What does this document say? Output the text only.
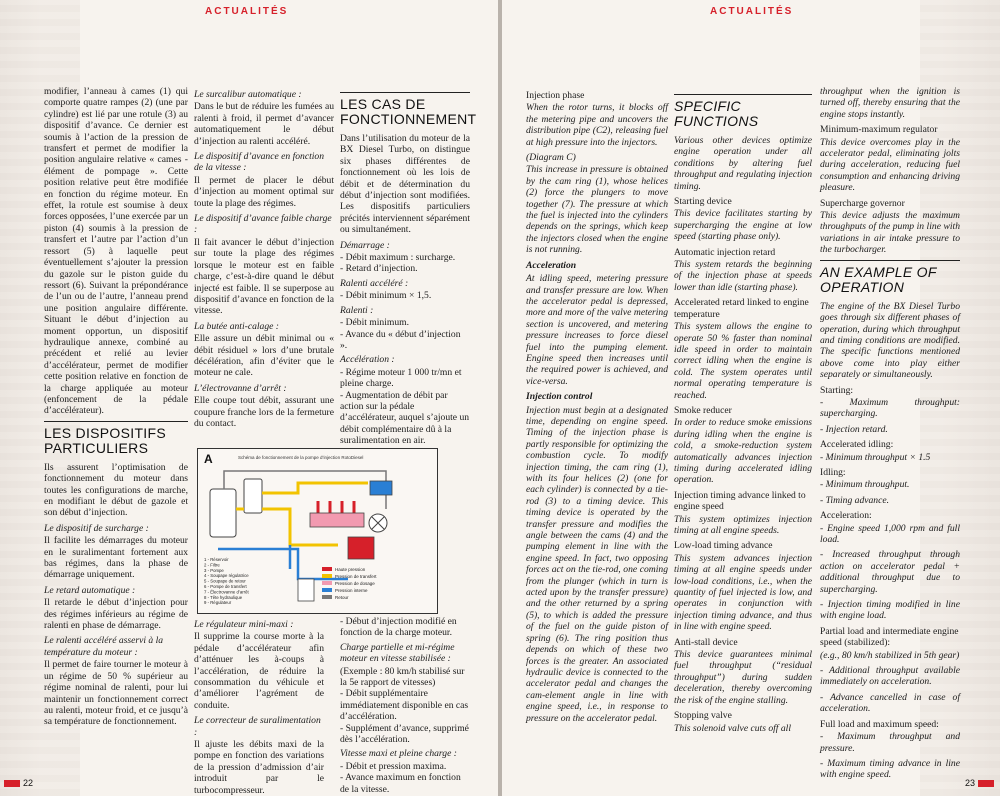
ACTUALITÉS

modifier, l’anneau à cames (1) qui comporte quatre rampes (2) (une par cylindre) est lié par une rotule (3) au dispositif d’avance. Ce dernier est soumis à l’action de la pression de transfert et permet de modifier la position angulaire relative « cames - élément de pompage ». Cette position relative peut être modifiée en fonction du régime moteur. En effet, la rotule est soumise à deux forces opposées, l’une exercée par un piston (4) soumis à la pression de transfert et l’autre par l’action d’un ressort (5) à laquelle peut éventuellement s’ajouter la pression du gazole sur le piston guide du ressort (6). Suivant la prépondérance de l’un ou de l’autre, l’anneau prend une position angulaire différente. Situant le début d’injection au moment opportun, un dispositif hydraulique annexe, combiné au précédent et relié au levier d’accélérateur, permet de modifier cette position relative en fonction de la charge appliquée au moteur (enfoncement de la pédale d’accélérateur).

LES DISPOSITIFS PARTICULIERS

Ils assurent l’optimisation de fonctionnement du moteur dans toutes les configurations de marche, en modifiant le début de gazole et son début d’injection.

Le dispositif de surcharge :

Il facilite les démarrages du moteur en le suralimentant fortement aux bas régimes, dans la phase de démarrage uniquement.

Le retard automatique :

Il retarde le début d’injection pour des régimes inférieurs au régime de ralenti en phase de démarrage.

Le ralenti accéléré asservi à la température du moteur :

Il permet de faire tourner le moteur à un régime de 50 % supérieur au régime nominal de ralenti, pour lui maintenir un fonctionnement correct au ralenti, moteur froid, et ce jusqu’à sa température de fonctionnement.

Le surcalibur automatique :

Dans le but de réduire les fumées au ralenti à froid, il permet d’avancer automatiquement le début d’injection au ralenti accéléré.

Le dispositif d’avance en fonction de la vitesse :

Il permet de placer le début d’injection au moment optimal sur toute la plage des régimes.

Le dispositif d’avance faible charge :

Il fait avancer le début d’injection sur toute la plage des régimes lorsque le moteur est en faible charge, c’est-à-dire quand le début injecté est faible. Il se superpose au dispositif d’avance en fonction de la vitesse.

La butée anti-calage :

Elle assure un débit minimal ou « débit résiduel » lors d’une brutale décélération, afin d’éviter que le moteur ne cale.

L’électrovanne d’arrêt :

Elle coupe tout débit, assurant une coupure franche lors de la fermeture du contact.

LES CAS DE FONCTIONNEMENT

Dans l’utilisation du moteur de la BX Diesel Turbo, on distingue six phases différentes de fonctionnement où les lois de débit et de détermination du début d’injection sont modifiées. Les dispositifs particuliers précités interviennent séparément ou simultanément.

Démarrage :
- Débit maximum : surcharge.
- Retard d’injection.
Ralenti accéléré :
- Débit minimum × 1,5.
Ralenti :
- Débit minimum.
- Avance du « début d’injection ».
Accélération :
- Régime moteur 1 000 tr/mn et pleine charge.
- Augmentation de débit par action sur la pédale d’accélérateur, auquel s’ajoute un débit complémentaire dû à la suralimentation en air.
Le régulateur mini-maxi :

Il supprime la course morte à la pédale d’accélérateur afin d’atténuer les à-coups à l’accélération, de réduire la consommation du véhicule et d’améliorer l’agrément de conduite.

Le correcteur de suralimentation :

Il ajuste les débits maxi de la pompe en fonction des variations de la pression d’admission d’air introduit par le turbocompresseur.

- Début d’injection modifié en fonction de la charge moteur.
Charge partielle et mi-régime moteur en vitesse stabilisée :
(Exemple : 80 km/h stabilisé sur la 5e rapport de vitesses)
- Débit supplémentaire immédiatement disponible en cas d’accélération.
- Supplément d’avance, supprimé dès l’accélération.
Vitesse maxi et pleine charge :
- Débit et pression maxima.
- Avance maximum en fonction de la vitesse.
A	Schéma de fonctionnement de la pompe d’injection RotoDiesel
1 - Réservoir
2 - Filtre
3 - Pompe
4 - Soupape régulatrice
5 - Soupape de retour
6 - Pompe de transfert
7 - Électrovanne d’arrêt
8 - Tête hydraulique
9 - Régulateur
Haute pression
Pression de transfert
Pression de dosage
Pression interne
Retour
22
ACTUALITÉS
Injection phase

When the rotor turns, it blocks off the metering pipe and uncovers the distribution pipe (C2), releasing fuel at high pressure into the injectors.

(Diagram C)

This increase in pressure is obtained by the cam ring (1), whose helices (2) force the plungers to move together (7). The pressure at which the fuel is injected into the cylinders depends on the springs, which keep the injectors closed when the engine is not running.

Acceleration

At idling speed, metering pressure and transfer pressure are low. When the accelerator pedal is depressed, more and more of the valve metering section is uncovered, and metering pressure increases to force diesel fuel into the pumping element. Engine speed then increases until the required power is achieved, and vice-versa.

Injection control

Injection must begin at a designated time, depending on engine speed. Timing of the injection phase is partly responsible for optimizing the combustion cycle. To modify injection timing, the cam ring (1), with its four helices (2) (one for each cylinder) is connected by a tie-rod (3) to a timing device. This timing device is operated by the transfer pressure and modifies the angle between the cams (4) and the pumping element in line with the engine speed. In fact, two opposing forces act on the tie-rod, one coming from the plunger (which in turn is acted upon by the transfer pressure) and the other returned by a spring (5), to which is added the pressure of the fuel on the guide piston of spring (6). The ring position thus depends on which of these two forces is the greater. An associated hydraulic device is connected to the accelerator pedal and changes the cam-element angle in line with engine speed, i.e., in response to pressure on the accelerator pedal.

SPECIFIC FUNCTIONS

Various other devices optimize engine operation under all conditions by altering fuel throughput and regulating injection timing.

Starting device

This device facilitates starting by supercharging the engine at low speed (starting phase only).

Automatic injection retard

This system retards the beginning of the injection phase at speeds lower than idle (starting phase).

Accelerated retard linked to engine temperature

This system allows the engine to operate 50 % faster than nominal idle speed in order to maintain correct idling when the engine is cold. The system operates until normal operating temperature is reached.

Smoke reducer

In order to reduce smoke emissions during idling when the engine is cold, a smoke-reduction system automatically advances injection timing during accelerated idling operation.

Injection timing advance linked to engine speed

This system optimizes injection timing at all engine speeds.

Low-load timing advance

This system advances injection timing at all engine speeds under low-load conditions, i.e., when the quantity of fuel injected is low, and operates in conjunction with injection timing advance, and thus in line with engine speed.

Anti-stall device

This device guarantees minimal fuel throughput (“residual throughput”) during sudden deceleration, thereby overcoming the risk of the engine stalling.

Stopping valve

This solenoid valve cuts off all

throughput when the ignition is turned off, thereby ensuring that the engine stops instantly.

Minimum-maximum regulator

This device overcomes play in the accelerator pedal, eliminating jolts during acceleration, reducing fuel consumption and enhancing driving pleasure.

Supercharge governor

This device adjusts the maximum throughputs of the pump in line with variations in air intake pressure to the turbocharger.

AN EXAMPLE OF OPERATION

The engine of the BX Diesel Turbo goes through six different phases of operation, during which throughput and timing conditions are modified. The specific functions mentioned above come into play either separately or simultaneously.

Starting:
- Maximum throughput: supercharging.
- Injection retard.
Accelerated idling:
- Minimum throughput × 1.5
Idling:
- Minimum throughput.
- Timing advance.
Acceleration:
- Engine speed 1,000 rpm and full load.
- Increased throughput through action on accelerator pedal + additional throughput due to supercharging.
- Injection timing modified in line with engine load.
Partial load and intermediate engine speed (stabilized):
(e.g., 80 km/h stabilized in 5th gear)
- Additional throughput available immediately on acceleration.
- Advance cancelled in case of acceleration.
Full load and maximum speed:
- Maximum throughput and pressure.
- Maximum timing advance in line with engine speed.
23
